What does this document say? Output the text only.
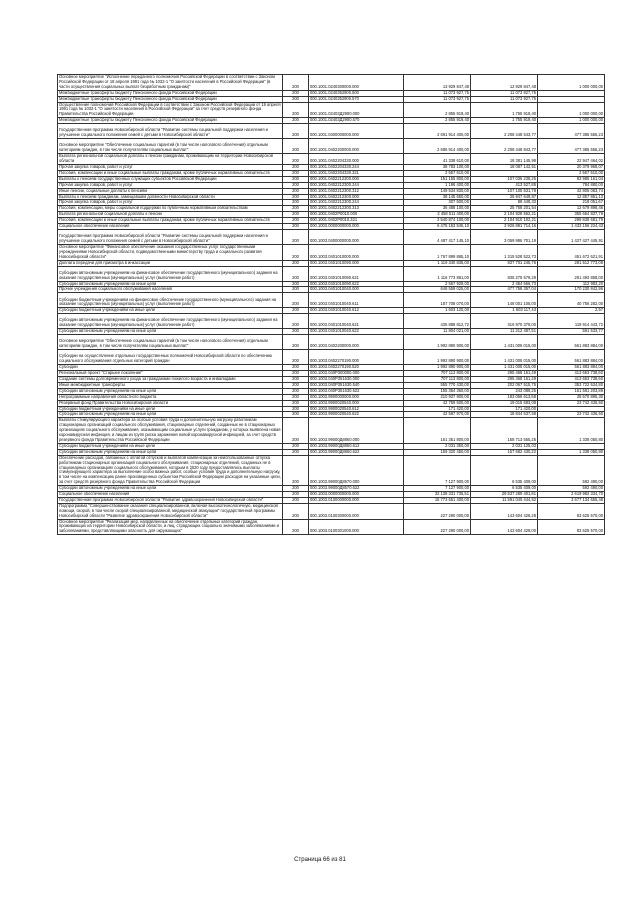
Основное мероприятие "Исполнение переданного полномочия Российской Федерации в соответствии с Законом Российской Федерации от 18 апреля 1991 года № 1032-1 "О занятости населения в Российской Федерации" (в части осуществления социальных выплат безработным гражданам)"	200	000.1001.0240300000.000	13 929 847,48	12 929 847,48	1 000 000,00
Межбюджетные трансферты бюджету Пенсионного фонда Российской Федерации	200	000.1001.0240352900.500	11 073 927,75	11 073 927,75	
Межбюджетные трансферты бюджету Пенсионного фонда Российской Федерации	200	000.1001.0240352900.570	11 073 927,75	11 073 927,75	
Осуществление полномочий Российской Федерации в соответствии с Законом Российской Федерации от 19 апреля 1991 года № 1032-1 "О занятости населения в Российской Федерации" за счет средств резервного фонда Правительства Российской Федерации	200	000.1001.02403Д2900.000	2 855 919,40	1 755 919,40	1 000 000,00
Межбюджетные трансферты бюджету Пенсионного фонда Российской Федерации	200	000.1001.02403Д2900.570	2 855 919,40	1 755 919,40	1 000 000,00
Государственная программа Новосибирской области "Развитие системы социальной поддержки населения и улучшение социального положения семей с детьми в Новосибирской области"	200	000.1001.0400000000.000	2 691 914 400,00	2 208 448 543,77	477 385 556,23
Основное мероприятие "Обеспечение социальных гарантий (в том числе налогового облегчения) отдельным категориям граждан, в том числе получателям социальных выплат"	200	000.1001.0402200000.000	2 685 914 400,00	2 208 448 843,77	477 385 556,23
Выплата региональной социальной доплаты к пенсии гражданам, проживающим на территории Новосибирской области	200	000.1001.0402204330.000	41 338 610,00	18 381 145,98	22 947 464,02
Прочая закупка товаров, работ и услуг	200	000.1001.0402204330.244	38 783 100,00	18 087 142,51	20 379 958,07
Пособия, компенсации и иные социальные выплаты гражданам, кроме публичных нормативных обязательств	200	000.1001.0402204330.321	2 557 510,00		2 557 510,00
Выплаты к пенсиям государственных служащих субъектов Российской Федерации	200	000.1001.0402212300.000	151 155 800,00	107 036 238,26	83 985 161,04
Прочая закупка товаров, работ и услуг	200	000.1001.0402212300.244	1 196 400,00	413 527,85	784 880,00
Иные пенсии, социальные доплаты к пенсиям	200	000.1001.0402212300.312	149 534 830,00	107 105 531,78	42 805 083,74
Выплаты к пенсиям гражданам, замещавшим должности Новосибирской области	200	000.1001.0402212300.000	38 145 650,00	25 847 649,87	12 857 951,13
Прочая закупка товаров, работ и услуг	200	000.1001.0402212300.244	307 500,00	89 448,33	218 051,67
Пособия, компенсации, меры социальной поддержки по публичным нормативным обязательствам	200	000.1001.0402212300.313	36 488 100,00	25 758 201,54	12 679 898,46
Выплата региональной социальной доплаты к пенсии	200	000.1001.0402Р0010.000	2 458 511 400,00	2 104 928 562,21	355 654 837,79
Пособия, компенсации и иные социальные выплаты гражданам, кроме публичных нормативных обязательств	200	000.1001.0402Р0010.321	2 540 874 100,00	2 104 910 102,21	299 838 681,79
Социальное обеспечение населения	200	000.1003.0000000000.000	6 475 153 545,10	3 926 881 714,16	1 433 156 224,43
Государственная программа Новосибирской области "Развитие системы социальной поддержки населения и улучшение социального положения семей с детьми в Новосибирской области"	200	000.1003.0400000000.000	4 487 417 145,10	3 059 986 701,19	1 427 427 445,91
Основное мероприятие "Финансовое обеспечение оказания государственных услуг государственными учреждениями Новосибирской области, подведомственными министерству труда и социального развития Новосибирской области"	200	000.1003.0401010000.000	1 767 899 865,10	1 315 528 522,73	451 672 621,91
Доплата передачи для присмотра в инкассации	200	000.1003.0401010090.000	1 119 340 835,00	837 701 245,75	281 512 773,08
Субсидии автономным учреждениям на финансовое обеспечение государственного (муниципального) задания на оказание государственных (муниципальных) услуг (выполнение работ)	200	000.1003.0401010090.621	1 116 773 881,00	835 275 579,29	281 493 858,00
Субсидии автономным учреждениям на иные цели	200	000.1003.0401010090.622	2 567 929,00	2 454 666,73	112 983,20
Прочие учреждения социального обслуживания населения	200	000.1003.0401010040.000	648 559 025,00	477 758 357,04	170 230 842,96
Субсидии бюджетным учреждениям на финансовое обеспечение государственного (муниципального) задания на оказание государственных (муниципальных) услуг (выполнение работ)	200	000.1003.0401010040.611	187 708 070,00	148 001 105,00	40 756 282,00
Субсидии бюджетным учреждениям на иные цели	200	000.1003.0401010040.612	1 603 120,00	1 603 117,43	2,57
Субсидии автономным учреждениям на финансовое обеспечение государственного (муниципального) задания на оказание государственных (муниципальных) услуг (выполнение работ)	200	000.1003.0401010040.621	435 888 812,72	316 970 379,00	119 914 443,72
Субсидии автономным учреждениям на иные цели	200	000.1003.0401010040.622	11 804 021,00	11 212 487,51	591 533,77
Основное мероприятие "Обеспечение социальных гарантий (в том числе налогового облегчения) отдельным категориям граждан, в том числе получателям социальных выплат"	200	000.1003.0402200000.000	1 992 890 900,00	1 431 005 015,00	561 883 884,00
Субсидии на осуществление отдельных государственных полномочий Новосибирской области по обеспечению социального обслуживания отдельных категорий граждан	200	000.1003.0402270190.000	1 992 890 900,00	1 431 005 015,00	561 883 884,00
Субсидии	200	000.1003.0402270190.520	1 992 890 900,00	1 431 005 015,00	561 883 884,00
Региональный проект "Старшее поколение"	200	000.1003.040P300000.000	707 113 800,00	295 468 161,49	413 653 738,60
Создание системы долговременного ухода за гражданами пожилого возраста и инвалидами	200	000.1003.040P351630.000	707 113 800,00	295 468 161,49	413 653 738,60
Иные межбюджетные трансферты	200	000.1003.040P351630.540	555 770 430,00	202 067 515,75	353 722 534,80
Субсидии автономным учреждениям на иные цели	200	000.1003.040P351630.622	155 354 360,00	243 089,25	151 581 203,89
Непрограммные направления областного бюджета	200	000.1003.9900000000.000	210 937 900,00	183 066 613,58	28 670 895,30
Резервный фонд Правительства Новосибирской области	200	000.1003.9900020540.000	42 759 500,00	19 015 683,08	23 742 436,50
Субсидии бюджетным учреждениям на иные цели	200	000.1003.9900020540.612	171 420,00	171 420,00	
Субсидии автономным учреждениям на иные цели	200	000.1003.9900020540.622	42 587 970,00	18 844 537,58	23 742 436,50
Выплаты стимулирующего характера за особые условия труда и дополнительную нагрузку работникам стационарных организаций социального обслуживания, стационарных отделений, созданных не в стационарных организациях социального обслуживания, оказывающим социальные услуги гражданам, у которых выявлена новая коронавирусная инфекция, и лицам из групп риска заражения новой коронавирусной инфекцией, за счет средств резервного фонда Правительства Российской Федерации	200	000.1003.99000Д8860.000	161 351 800,00	158 713 555,25	1 338 050,80
Субсидии бюджетным учреждениям на иные цели	200	000.1003.99000Д8860.612	2 031 350,00	2 031 125,03	
Субсидии автономным учреждениям на иные цели	200	000.1003.99000Д8860.622	159 320 450,00	157 682 430,22	1 338 050,80
Обеспечение расходов, связанных с оплатой отпусков и выплатой компенсации за неиспользованные отпуска работникам стационарных организаций социального обслуживания, стационарных отделений, созданных не в стационарных организациях социального обслуживания, которым в 2020 году предоставлялись выплаты стимулирующего характера за выполнение особо важных работ, особые условия труда и дополнительную нагрузку, в том числе на компенсацию ранее произведенных субъектом Российской Федерации расходов на указанные цели, за счет средств резервного фонда Правительства Российской Федерации	200	000.1003.99000Д8570.000	7 127 900,00	6 535 409,00	592 490,00
Субсидии автономным учреждениям на иные цели	200	000.1003.99000Д8570.622	7 127 900,00	6 535 409,00	592 490,00
Социальное обеспечение населения	200	000.1003.0000000000.000	32 138 331 735,51	29 537 289 401,81	2 619 982 334,70
Государственная программа Новосибирской области "Развитие здравоохранения Новосибирской области"	200	000.1003.0100000000.000	15 773 551 400,00	11 591 045 444,52	3 677 134 655,48
Подпрограмма "Совершенствование оказания специализированной, включая высокотехнологичную, медицинской помощи, скорой, в том числе скорой специализированной, медицинской эвакуации" государственной программы Новосибирской области "Развитие здравоохранения Новосибирской области"	200	000.1003.0100300000.000	227 290 000,00	143 604 428,28	83 625 570,00
Основное мероприятие "Реализация мер, направленных на обеспечение отдельных категорий граждан, проживающих на территории Новосибирской области, и лиц, страдающих социально значимыми заболеваниями и заболеваниями, представляющими опасность для окружающих"	200	000.1003.0100301000.000	227 290 000,00	143 604 429,00	83 625 570,00
Страница 66 из 81
